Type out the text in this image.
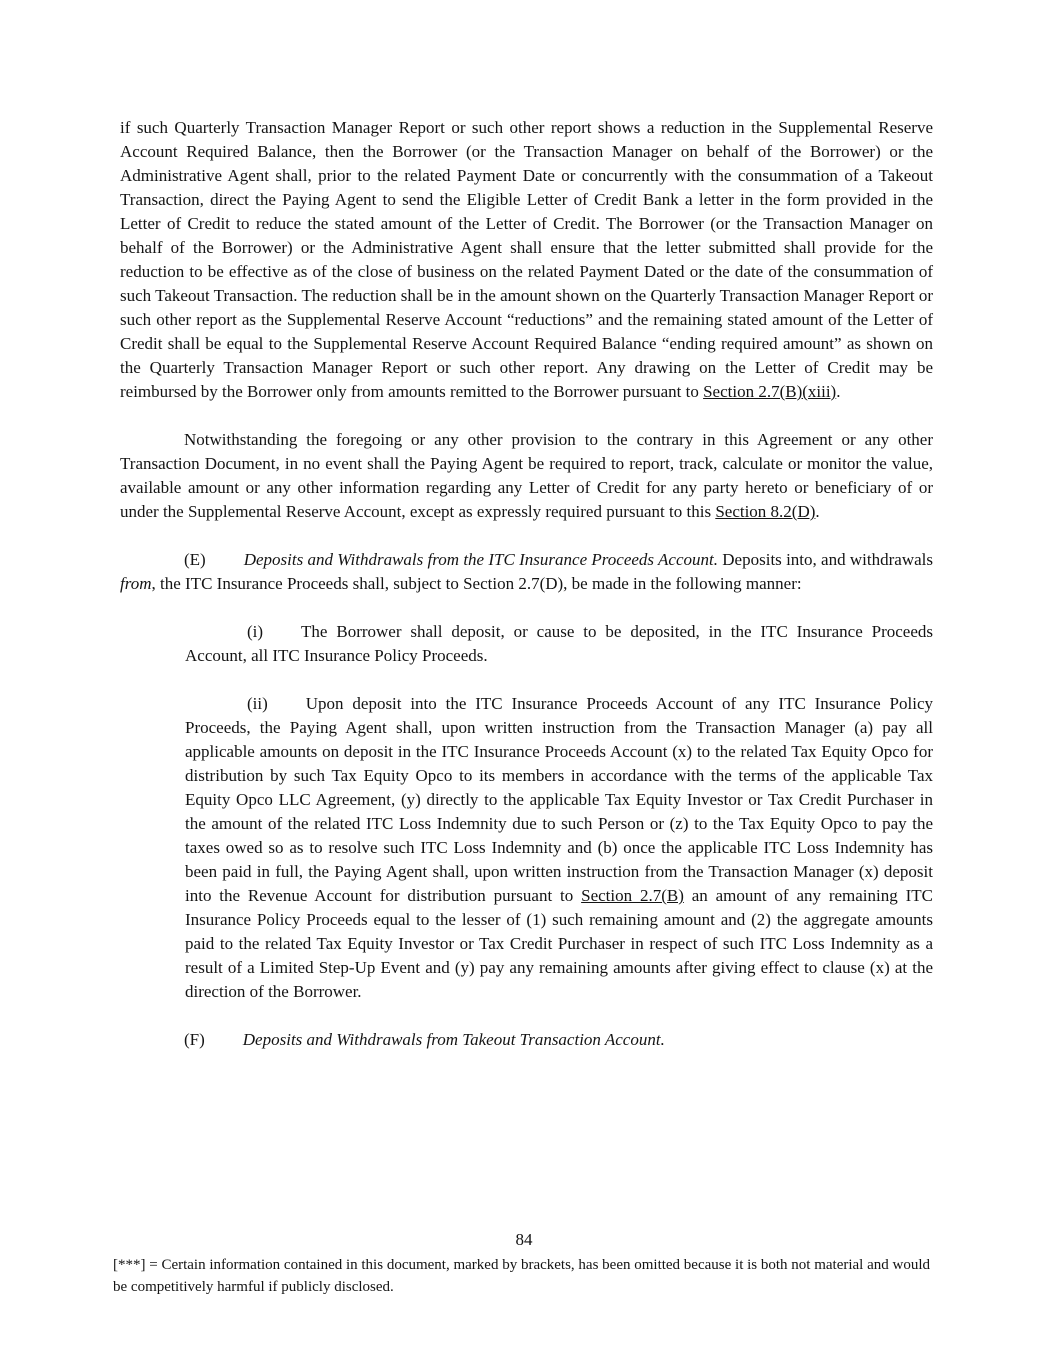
if such Quarterly Transaction Manager Report or such other report shows a reduction in the Supplemental Reserve Account Required Balance, then the Borrower (or the Transaction Manager on behalf of the Borrower) or the Administrative Agent shall, prior to the related Payment Date or concurrently with the consummation of a Takeout Transaction, direct the Paying Agent to send the Eligible Letter of Credit Bank a letter in the form provided in the Letter of Credit to reduce the stated amount of the Letter of Credit. The Borrower (or the Transaction Manager on behalf of the Borrower) or the Administrative Agent shall ensure that the letter submitted shall provide for the reduction to be effective as of the close of business on the related Payment Dated or the date of the consummation of such Takeout Transaction. The reduction shall be in the amount shown on the Quarterly Transaction Manager Report or such other report as the Supplemental Reserve Account “reductions” and the remaining stated amount of the Letter of Credit shall be equal to the Supplemental Reserve Account Required Balance “ending required amount” as shown on the Quarterly Transaction Manager Report or such other report. Any drawing on the Letter of Credit may be reimbursed by the Borrower only from amounts remitted to the Borrower pursuant to Section 2.7(B)(xiii).

Notwithstanding the foregoing or any other provision to the contrary in this Agreement or any other Transaction Document, in no event shall the Paying Agent be required to report, track, calculate or monitor the value, available amount or any other information regarding any Letter of Credit for any party hereto or beneficiary of or under the Supplemental Reserve Account, except as expressly required pursuant to this Section 8.2(D).

(E) Deposits and Withdrawals from the ITC Insurance Proceeds Account. Deposits into, and withdrawals from, the ITC Insurance Proceeds shall, subject to Section 2.7(D), be made in the following manner:

(i) The Borrower shall deposit, or cause to be deposited, in the ITC Insurance Proceeds Account, all ITC Insurance Policy Proceeds.

(ii) Upon deposit into the ITC Insurance Proceeds Account of any ITC Insurance Policy Proceeds, the Paying Agent shall, upon written instruction from the Transaction Manager (a) pay all applicable amounts on deposit in the ITC Insurance Proceeds Account (x) to the related Tax Equity Opco for distribution by such Tax Equity Opco to its members in accordance with the terms of the applicable Tax Equity Opco LLC Agreement, (y) directly to the applicable Tax Equity Investor or Tax Credit Purchaser in the amount of the related ITC Loss Indemnity due to such Person or (z) to the Tax Equity Opco to pay the taxes owed so as to resolve such ITC Loss Indemnity and (b) once the applicable ITC Loss Indemnity has been paid in full, the Paying Agent shall, upon written instruction from the Transaction Manager (x) deposit into the Revenue Account for distribution pursuant to Section 2.7(B) an amount of any remaining ITC Insurance Policy Proceeds equal to the lesser of (1) such remaining amount and (2) the aggregate amounts paid to the related Tax Equity Investor or Tax Credit Purchaser in respect of such ITC Loss Indemnity as a result of a Limited Step-Up Event and (y) pay any remaining amounts after giving effect to clause (x) at the direction of the Borrower.

(F) Deposits and Withdrawals from Takeout Transaction Account.

84
[***] = Certain information contained in this document, marked by brackets, has been omitted because it is both not material and would be competitively harmful if publicly disclosed.
